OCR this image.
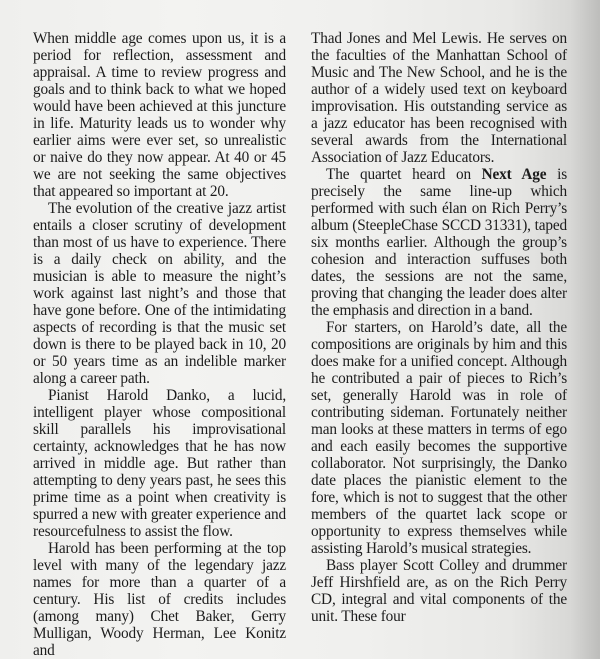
When middle age comes upon us, it is a period for reflection, assessment and appraisal. A time to review progress and goals and to think back to what we hoped would have been achieved at this juncture in life. Maturity leads us to wonder why earlier aims were ever set, so unrealistic or naive do they now appear. At 40 or 45 we are not seeking the same objectives that appeared so important at 20.

The evolution of the creative jazz artist entails a closer scrutiny of development than most of us have to experience. There is a daily check on ability, and the musician is able to measure the night’s work against last night’s and those that have gone before. One of the intimidating aspects of recording is that the music set down is there to be played back in 10, 20 or 50 years time as an indelible marker along a career path.

Pianist Harold Danko, a lucid, intelligent player whose compositional skill parallels his improvisational certainty, acknowledges that he has now arrived in middle age. But rather than attempting to deny years past, he sees this prime time as a point when creativity is spurred a new with greater experience and resourcefulness to assist the flow.

Harold has been performing at the top level with many of the legendary jazz names for more than a quarter of a century. His list of credits includes (among many) Chet Baker, Gerry Mulligan, Woody Herman, Lee Konitz and

Thad Jones and Mel Lewis. He serves on the faculties of the Manhattan School of Music and The New School, and he is the author of a widely used text on keyboard improvisation. His outstanding service as a jazz educator has been recognised with several awards from the International Association of Jazz Educators.

The quartet heard on Next Age is precisely the same line-up which performed with such élan on Rich Perry’s album (SteepleChase SCCD 31331), taped six months earlier. Although the group’s cohesion and interaction suffuses both dates, the sessions are not the same, proving that changing the leader does alter the emphasis and direction in a band.

For starters, on Harold’s date, all the compositions are originals by him and this does make for a unified concept. Although he contributed a pair of pieces to Rich’s set, generally Harold was in role of contributing sideman. Fortunately neither man looks at these matters in terms of ego and each easily becomes the supportive collaborator. Not surprisingly, the Danko date places the pianistic element to the fore, which is not to suggest that the other members of the quartet lack scope or opportunity to express themselves while assisting Harold’s musical strategies.

Bass player Scott Colley and drummer Jeff Hirshfield are, as on the Rich Perry CD, integral and vital components of the unit. These four
